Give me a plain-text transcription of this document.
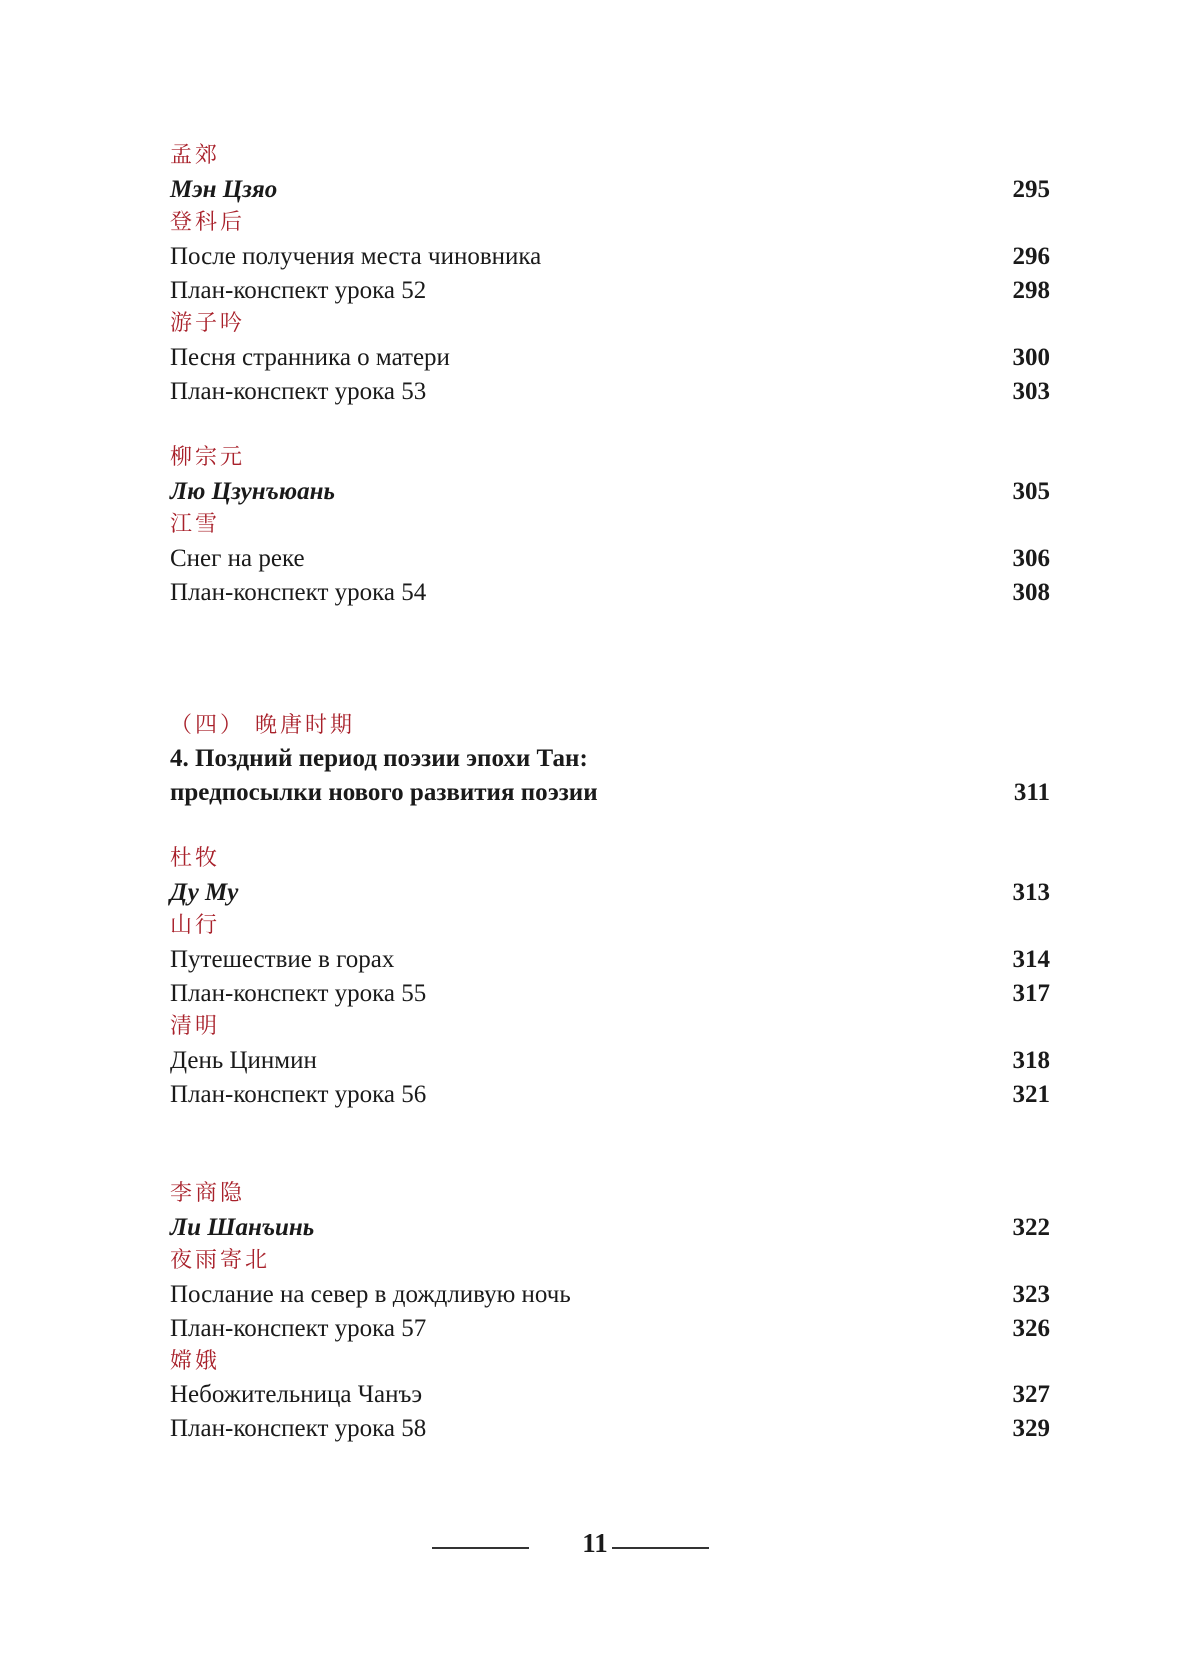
孟郊
Мэн Цзяо	295
登科后
После получения места чиновника	296
План-конспект урока 52	298
游子吟
Песня странника о матери	300
План-конспект урока 53	303
柳宗元
Лю Цзунъюань	305
江雪
Снег на реке	306
План-конспект урока 54	308
（四） 晚唐时期
4. Поздний период поэзии эпохи Тан:
предпосылки нового развития поэзии	311
杜牧
Ду Му	313
山行
Путешествие в горах	314
План-конспект урока 55	317
清明
День Цинмин	318
План-конспект урока 56	321
李商隐
Ли Шанъинь	322
夜雨寄北
Послание на север в дождливую ночь	323
План-конспект урока 57	326
嫦娥
Небожительница Чанъэ	327
План-конспект урока 58	329
11
